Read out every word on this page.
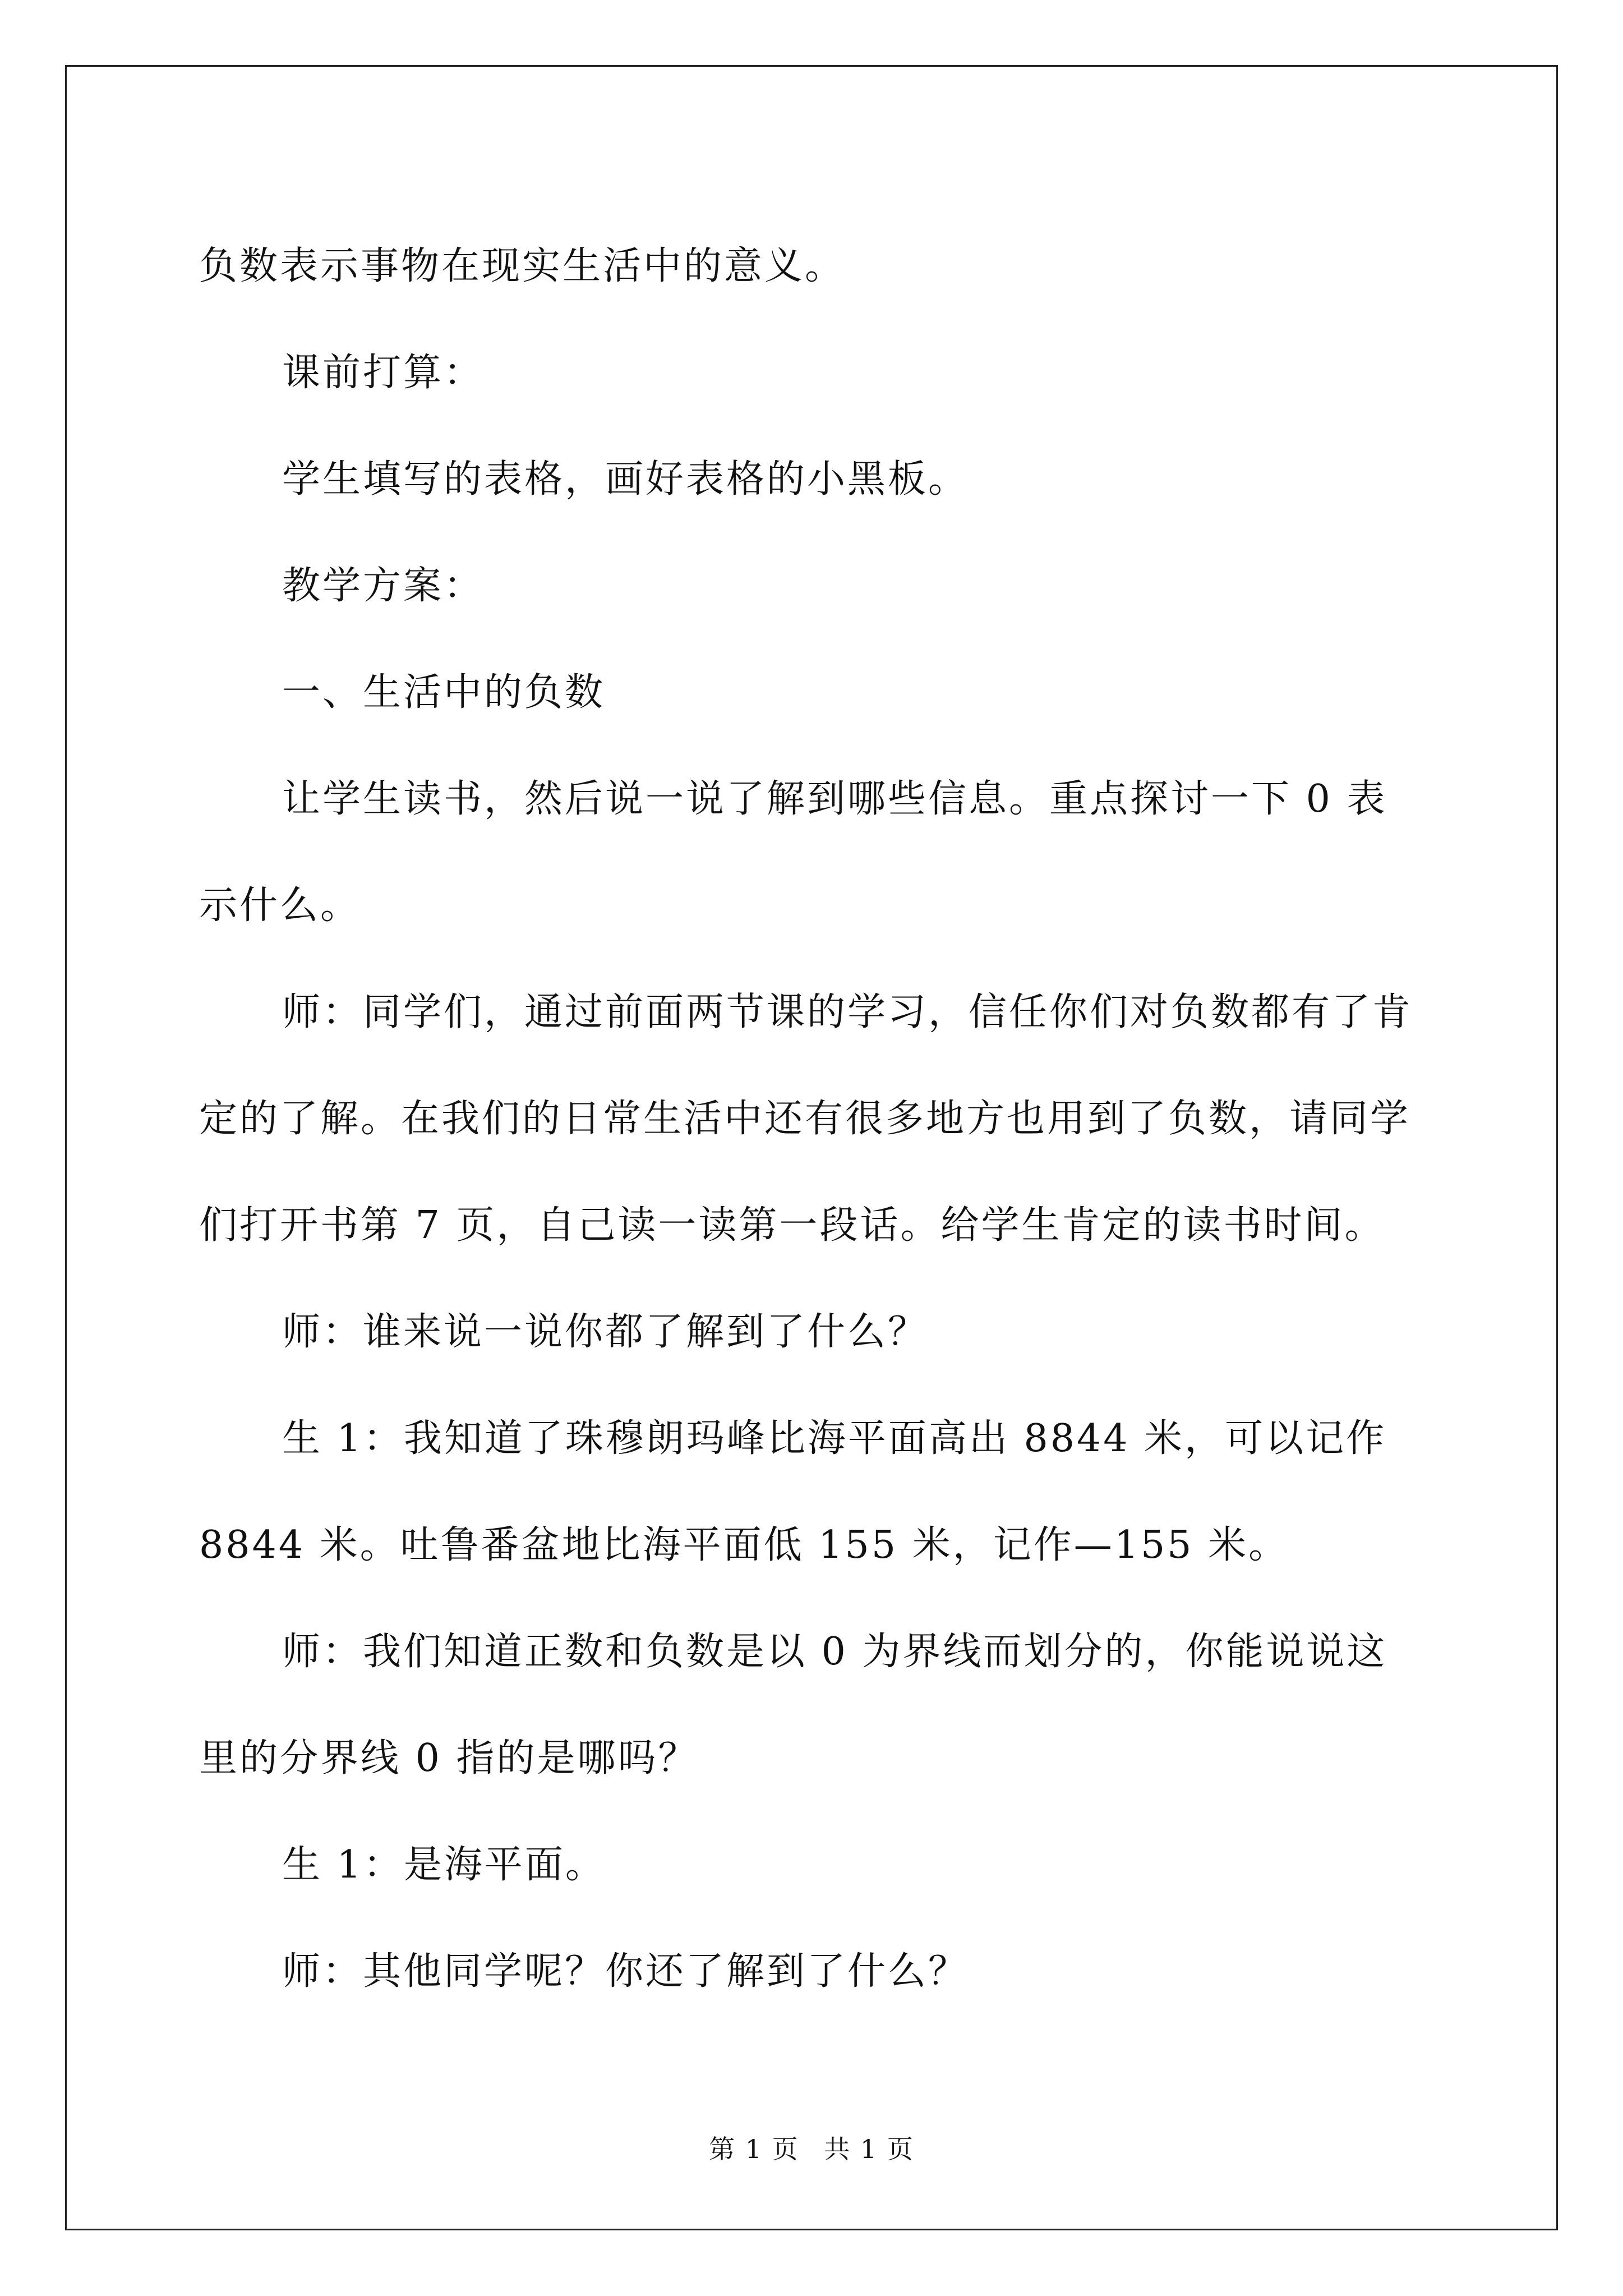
负数表示事物在现实生活中的意义。

课前打算：

学生填写的表格，画好表格的小黑板。

教学方案：

一、生活中的负数

让学生读书，然后说一说了解到哪些信息。重点探讨一下 0 表示什么。

师：同学们，通过前面两节课的学习，信任你们对负数都有了肯定的了解。在我们的日常生活中还有很多地方也用到了负数，请同学们打开书第 7 页，自己读一读第一段话。给学生肯定的读书时间。

师：谁来说一说你都了解到了什么？

生 1：我知道了珠穆朗玛峰比海平面高出 8844 米，可以记作 8844 米。吐鲁番盆地比海平面低 155 米，记作—155 米。

师：我们知道正数和负数是以 0 为界线而划分的，你能说说这里的分界线 0 指的是哪吗？

生 1：是海平面。

师：其他同学呢？你还了解到了什么？

第 1 页 共 1 页
